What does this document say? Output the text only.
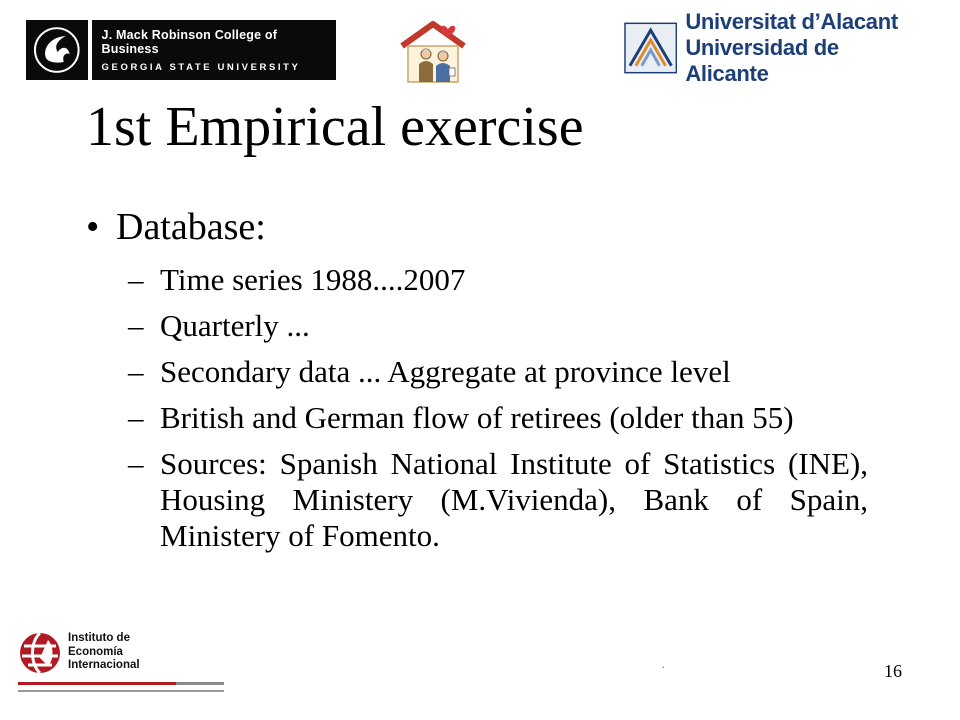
J. Mack Robinson College of Business
GEORGIA STATE UNIVERSITY
Universitat d’Alacant
Universidad de Alicante
1st Empirical exercise
• Database:
– Time series 1988....2007
– Quarterly ...
– Secondary data ... Aggregate at province level
– British and German flow of retirees (older than 55)
– Sources: Spanish National Institute of Statistics (INE), Housing Ministery (M.Vivienda), Bank of Spain, Ministery of Fomento.
Instituto de
Economía
Internacional	.	16
